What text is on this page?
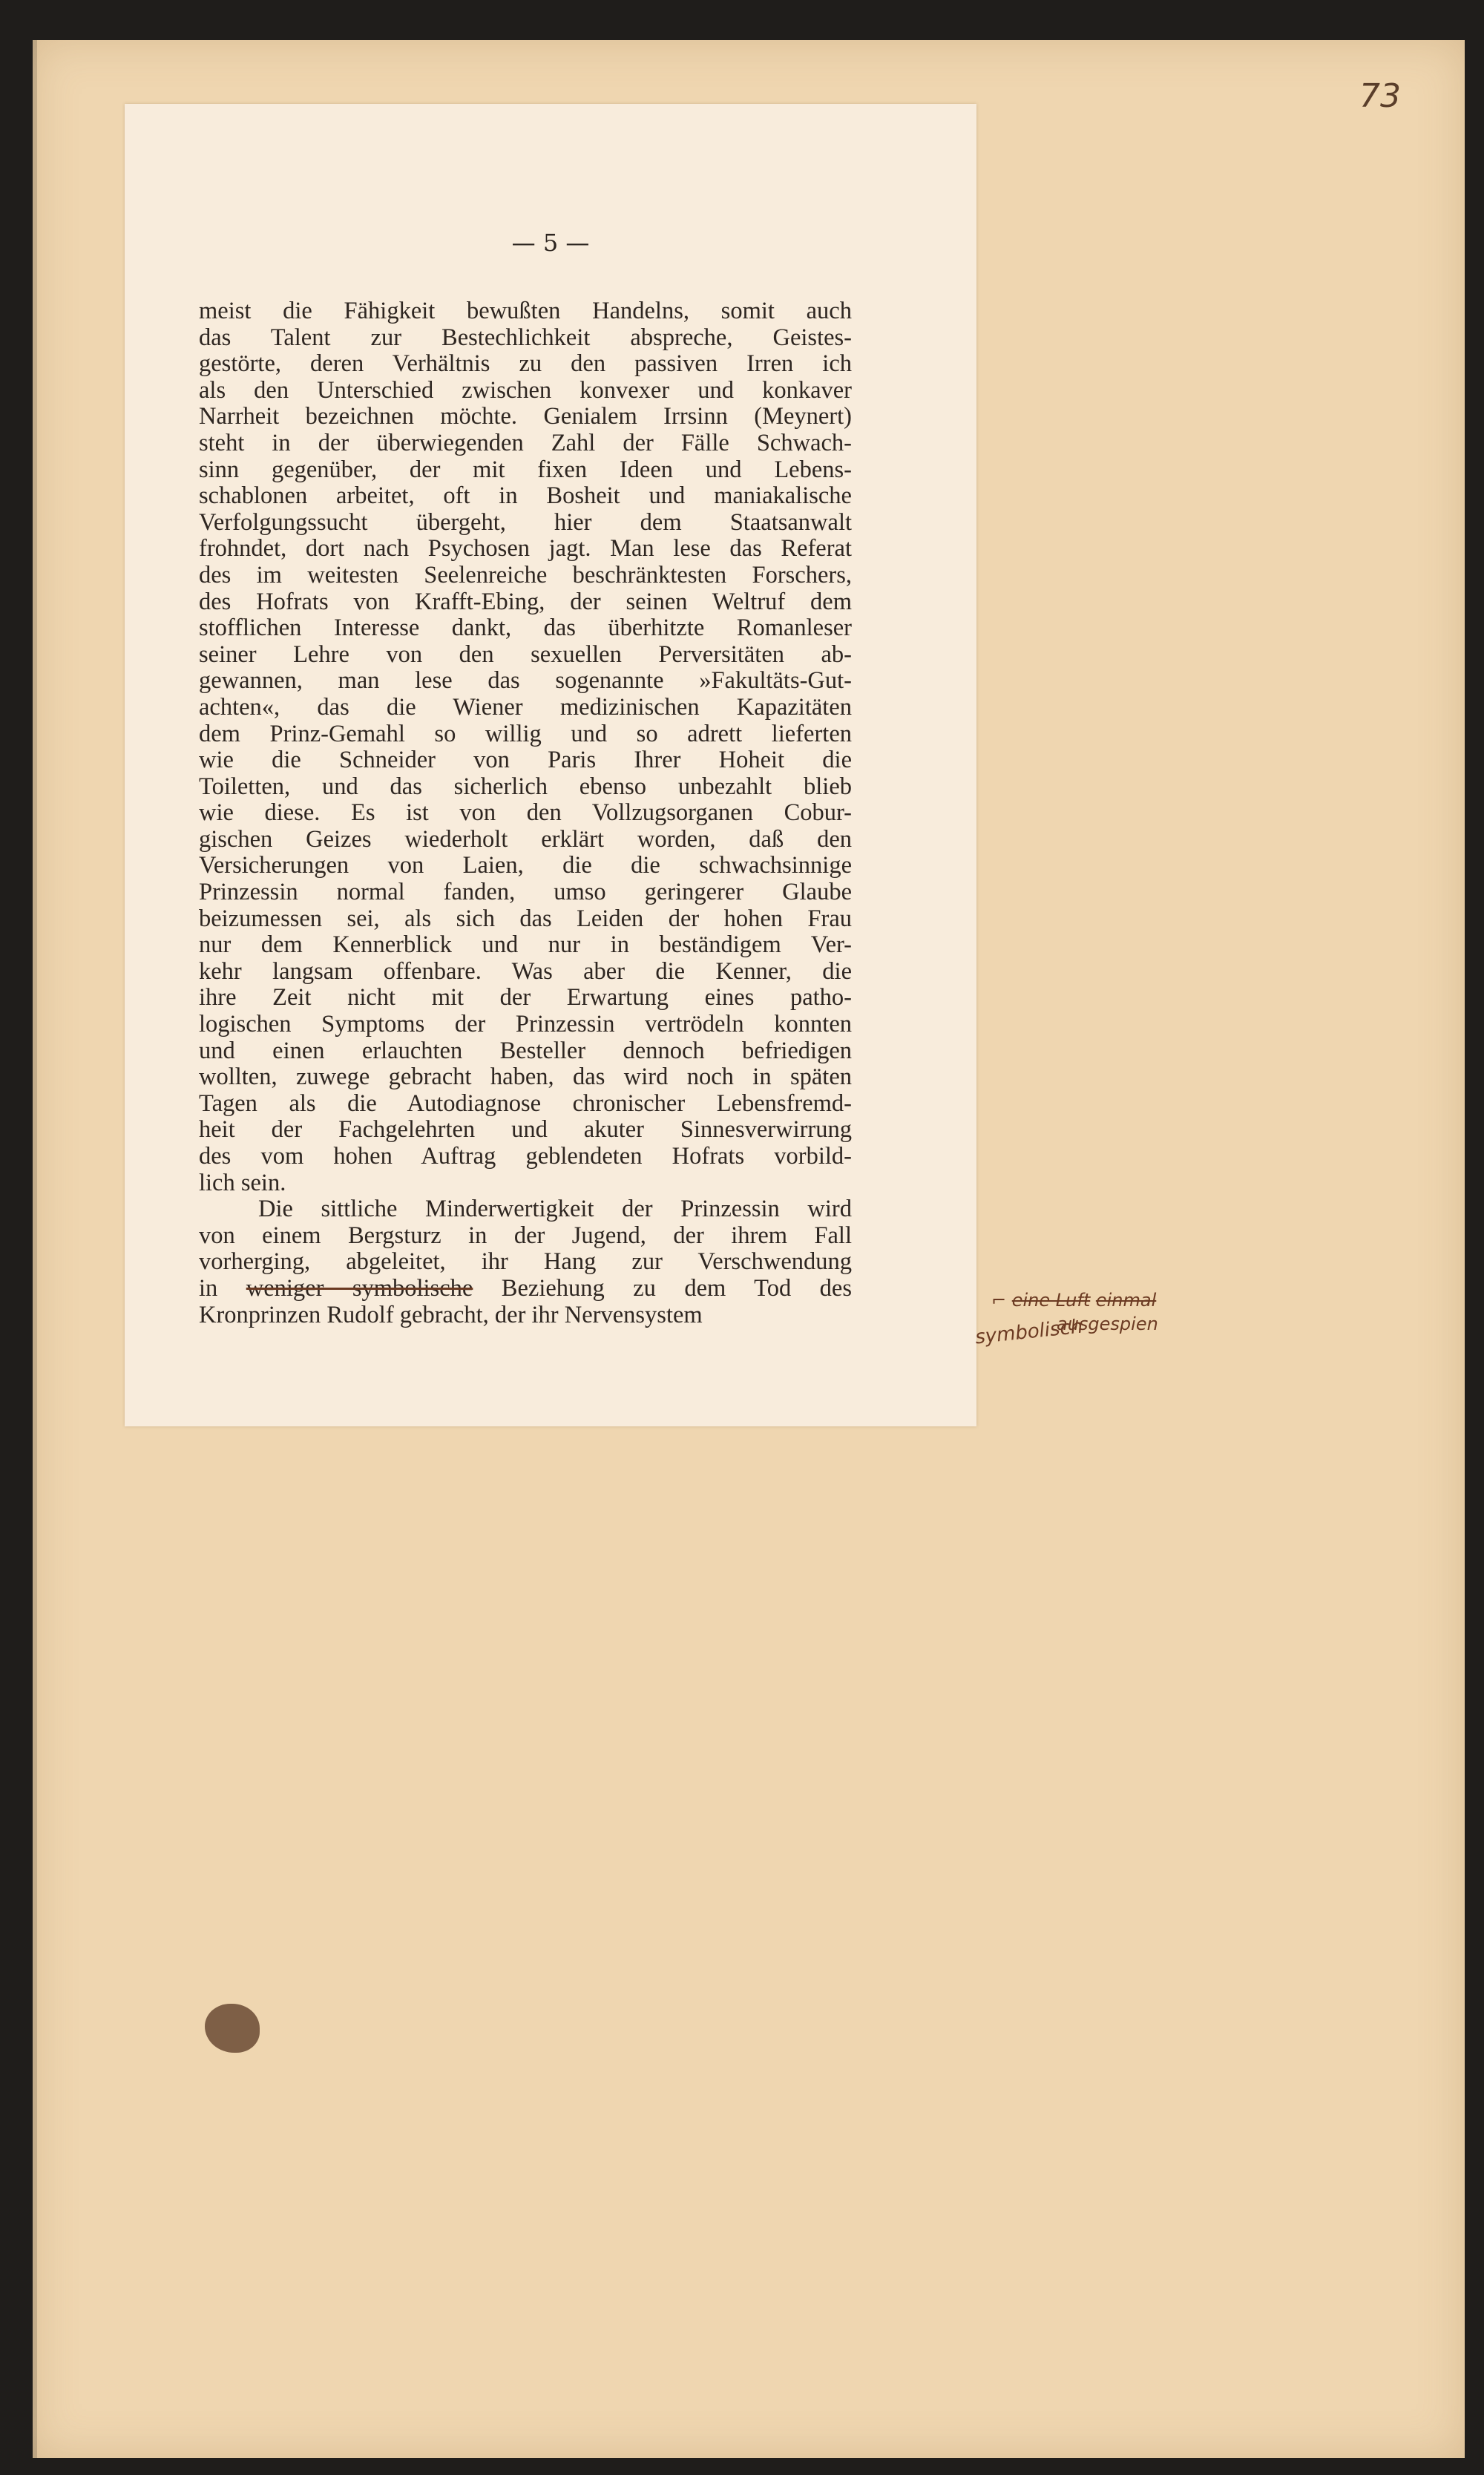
73
— 5 —
meist die Fähigkeit bewußten Handelns, somit auch
das Talent zur Bestechlichkeit abspreche, Geistes-
gestörte, deren Verhältnis zu den passiven Irren ich
als den Unterschied zwischen konvexer und konkaver
Narrheit bezeichnen möchte. Genialem Irrsinn (Meynert)
steht in der überwiegenden Zahl der Fälle Schwach-
sinn gegenüber, der mit fixen Ideen und Lebens-
schablonen arbeitet, oft in Bosheit und maniakalische
Verfolgungssucht übergeht, hier dem Staatsanwalt
frohndet, dort nach Psychosen jagt. Man lese das Referat
des im weitesten Seelenreiche beschränktesten Forschers,
des Hofrats von Krafft-Ebing, der seinen Weltruf dem
stofflichen Interesse dankt, das überhitzte Romanleser
seiner Lehre von den sexuellen Perversitäten ab-
gewannen, man lese das sogenannte »Fakultäts-Gut-
achten«, das die Wiener medizinischen Kapazitäten
dem Prinz-Gemahl so willig und so adrett lieferten
wie die Schneider von Paris Ihrer Hoheit die
Toiletten, und das sicherlich ebenso unbezahlt blieb
wie diese. Es ist von den Vollzugsorganen Cobur-
gischen Geizes wiederholt erklärt worden, daß den
Versicherungen von Laien, die die schwachsinnige
Prinzessin normal fanden, umso geringerer Glaube
beizumessen sei, als sich das Leiden der hohen Frau
nur dem Kennerblick und nur in beständigem Ver-
kehr langsam offenbare. Was aber die Kenner, die
ihre Zeit nicht mit der Erwartung eines patho-
logischen Symptoms der Prinzessin vertrödeln konnten
und einen erlauchten Besteller dennoch befriedigen
wollten, zuwege gebracht haben, das wird noch in späten
Tagen als die Autodiagnose chronischer Lebensfremd-
heit der Fachgelehrten und akuter Sinnesverwirrung
des vom hohen Auftrag geblendeten Hofrats vorbild-
lich sein.
Die sittliche Minderwertigkeit der Prinzessin wird
von einem Bergsturz in der Jugend, der ihrem Fall
vorherging, abgeleitet, ihr Hang zur Verschwendung
in weniger symbolische Beziehung zu dem Tod des
Kronprinzen Rudolf gebracht, der ihr Nervensystem
symbolisch
⌐ eine Luft einmal
ausgespien
